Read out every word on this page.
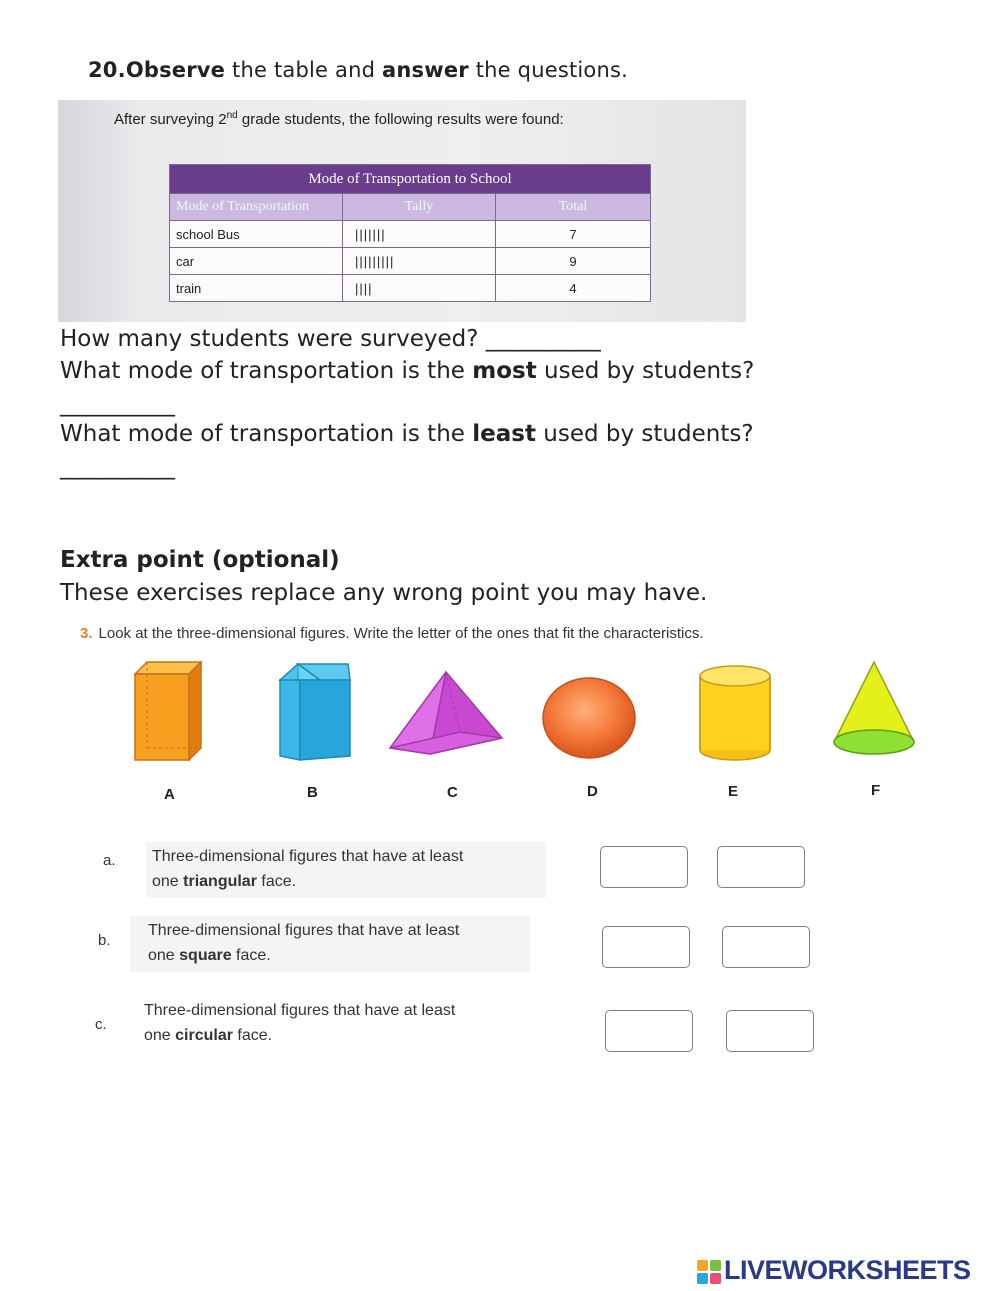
20.Observe the table and answer the questions.
After surveying 2nd grade students, the following results were found:
Mode of Transportation to School		
Mode of Transportation	Tally	Total
school Bus	|||||||	7
car	|||||||||	9
train	||||	4
How many students were surveyed? __________
What mode of transportation is the most used by students?
__________
What mode of transportation is the least used by students?
__________
Extra point (optional)
These exercises replace any wrong point you may have.
3. Look at the three-dimensional figures. Write the letter of the ones that fit the characteristics.
A	B	C	D	E	F
a. Three-dimensional figures that have at least
one triangular face.
b.
Three-dimensional figures that have at least
one square face.
c.
Three-dimensional figures that have at least
one circular face.
LIVEWORKSHEETS
